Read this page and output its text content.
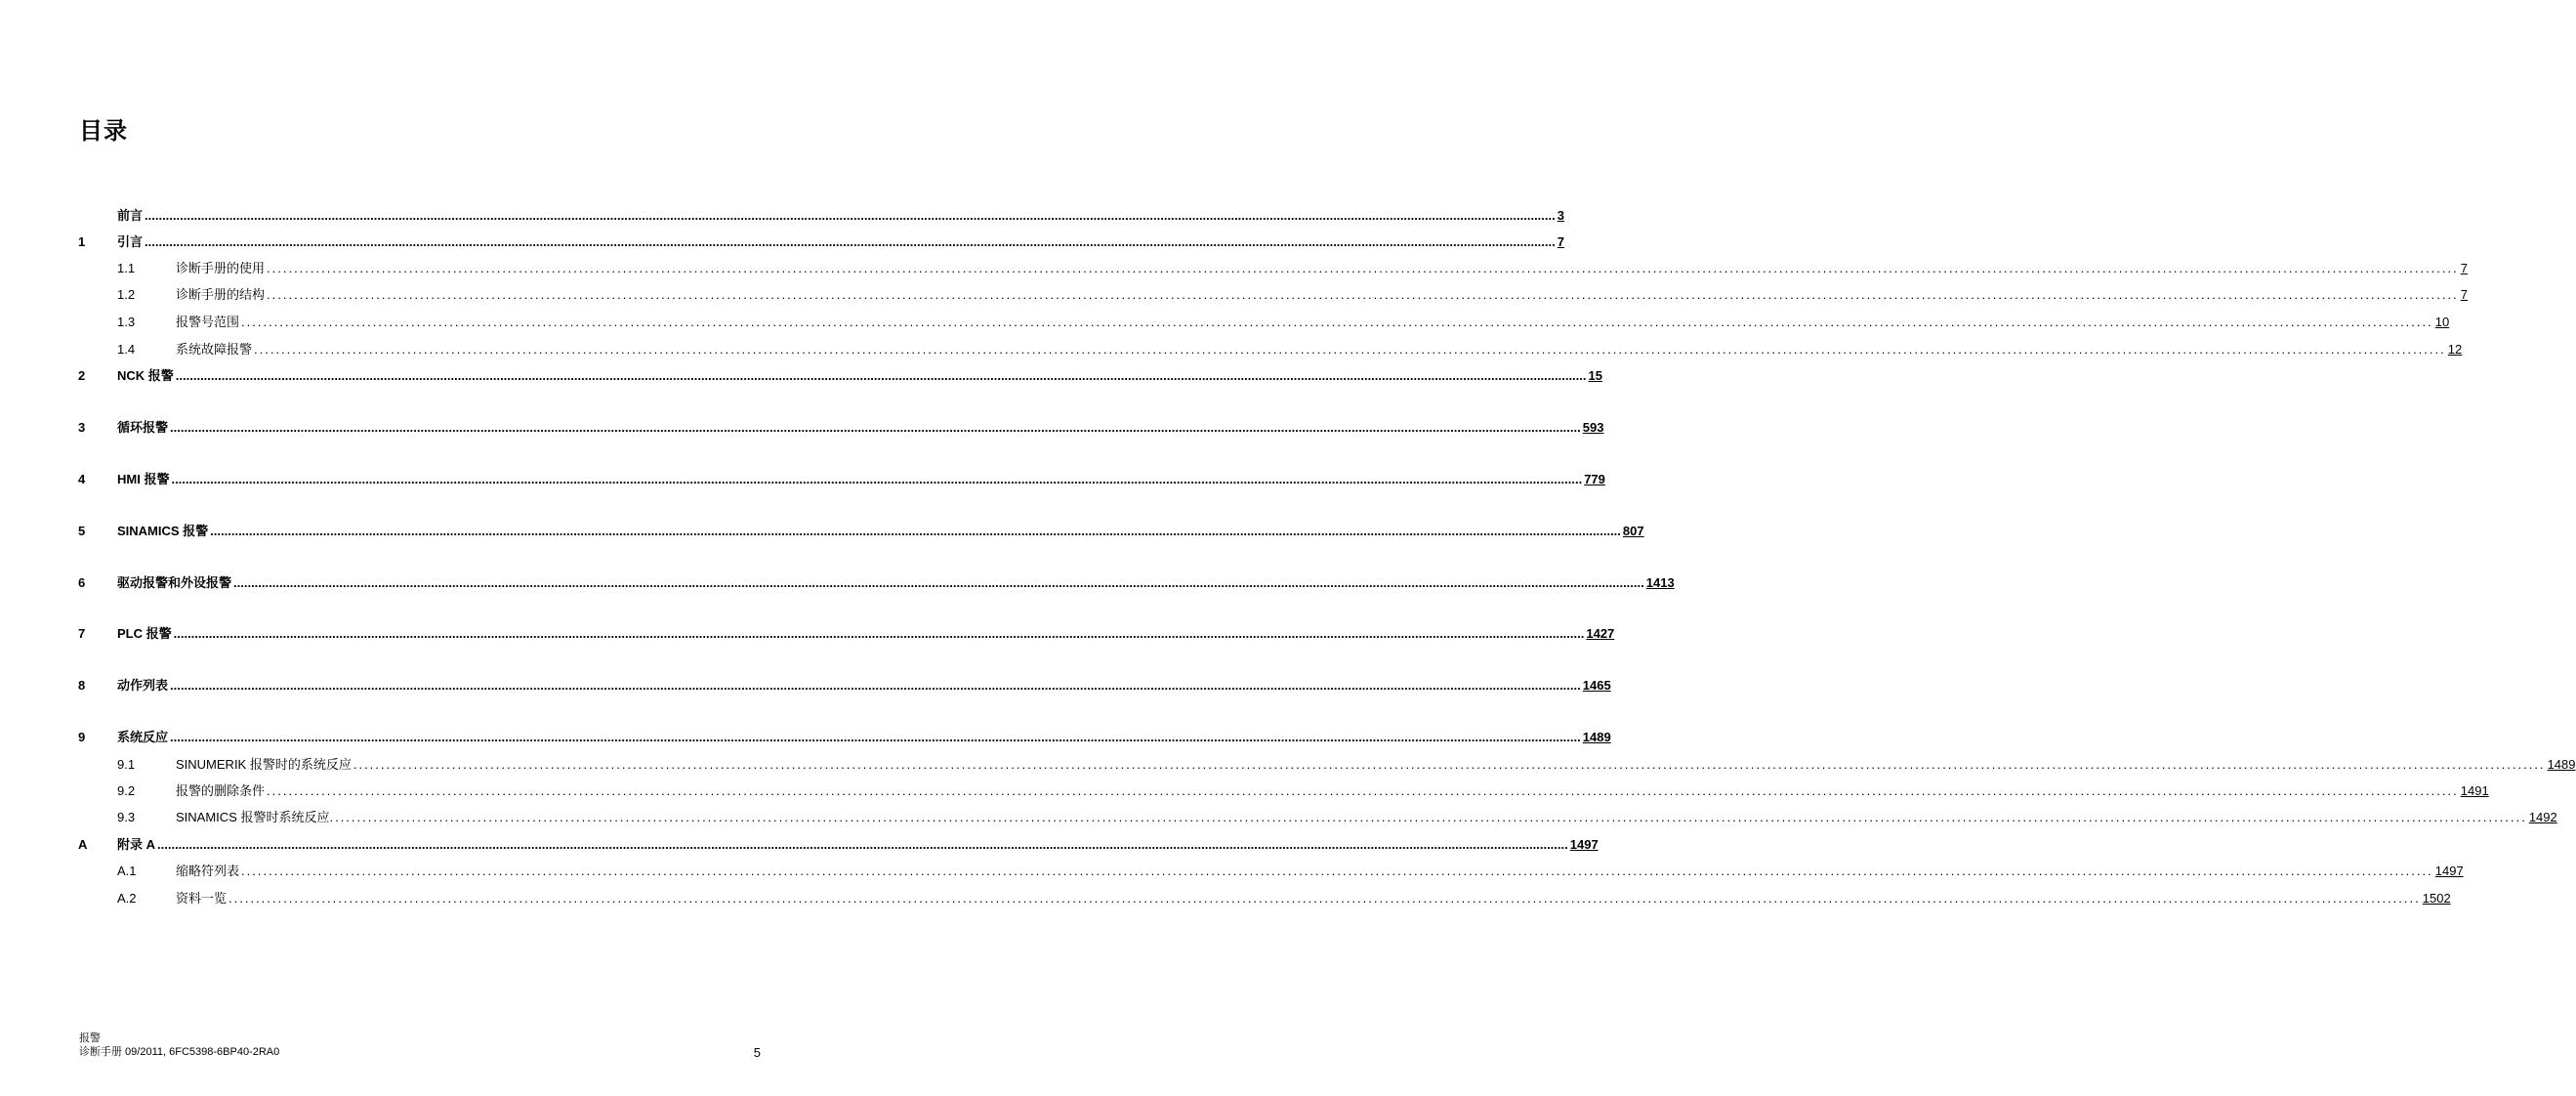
目录
前言 ................................................................................................................................................................................................................................................................................................................................................................................................................ 3
1	引言 ................................................................................................................................................................................................................................................................................................................................................................................................................ 7
1.1	诊断手册的使用 ................................................................................................................................................................................................................................................................................................................................................................................................................ 7
1.2	诊断手册的结构 ................................................................................................................................................................................................................................................................................................................................................................................................................ 7
1.3	报警号范围 ................................................................................................................................................................................................................................................................................................................................................................................................................ 10
1.4	系统故障报警 ................................................................................................................................................................................................................................................................................................................................................................................................................ 12
2	NCK 报警 ................................................................................................................................................................................................................................................................................................................................................................................................................ 15
3	循环报警 ................................................................................................................................................................................................................................................................................................................................................................................................................ 593
4	HMI 报警 ................................................................................................................................................................................................................................................................................................................................................................................................................ 779
5	SINAMICS 报警 ................................................................................................................................................................................................................................................................................................................................................................................................................ 807
6	驱动报警和外设报警 ................................................................................................................................................................................................................................................................................................................................................................................................................ 1413
7	PLC 报警 ................................................................................................................................................................................................................................................................................................................................................................................................................ 1427
8	动作列表 ................................................................................................................................................................................................................................................................................................................................................................................................................ 1465
9	系统反应 ................................................................................................................................................................................................................................................................................................................................................................................................................ 1489
9.1	SINUMERIK 报警时的系统反应 ................................................................................................................................................................................................................................................................................................................................................................................................................ 1489
9.2	报警的删除条件 ................................................................................................................................................................................................................................................................................................................................................................................................................ 1491
9.3	SINAMICS 报警时系统反应. ................................................................................................................................................................................................................................................................................................................................................................................................................ 1492
A 附录 A ................................................................................................................................................................................................................................................................................................................................................................................................................ 1497
A.1	缩略符列表 ................................................................................................................................................................................................................................................................................................................................................................................................................ 1497
A.2	资料一览 ................................................................................................................................................................................................................................................................................................................................................................................................................ 1502
报警
诊断手册 09/2011, 6FC5398-6BP40-2RA0	5
